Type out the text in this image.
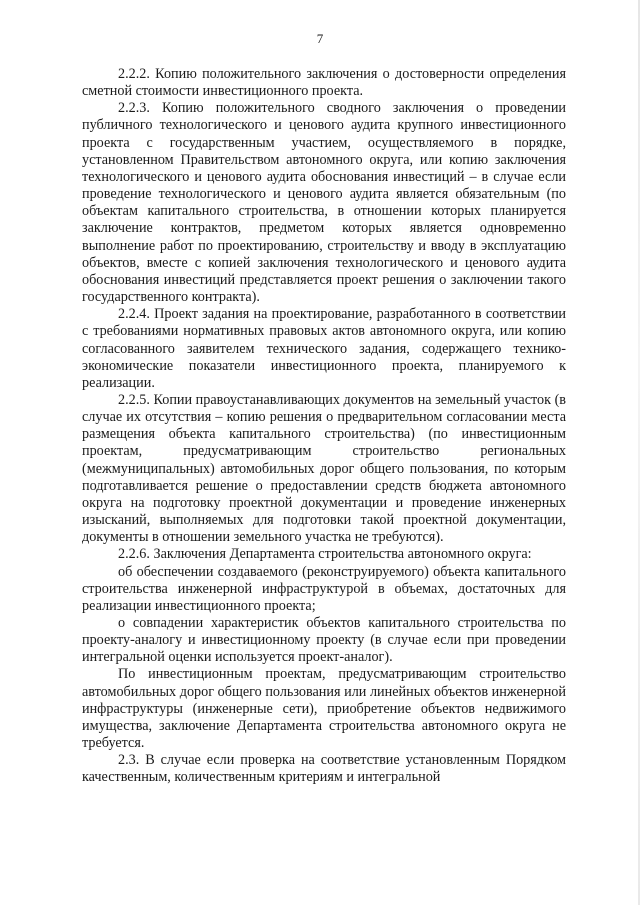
7

2.2.2. Копию положительного заключения о достоверности определения сметной стоимости инвестиционного проекта.

2.2.3. Копию положительного сводного заключения о проведении публичного технологического и ценового аудита крупного инвестиционного проекта с государственным участием, осуществляемого в порядке, установленном Правительством автономного округа, или копию заключения технологического и ценового аудита обоснования инвестиций – в случае если проведение технологического и ценового аудита является обязательным (по объектам капитального строительства, в отношении которых планируется заключение контрактов, предметом которых является одновременно выполнение работ по проектированию, строительству и вводу в эксплуатацию объектов, вместе с копией заключения технологического и ценового аудита обоснования инвестиций представляется проект решения о заключении такого государственного контракта).

2.2.4. Проект задания на проектирование, разработанного в соответствии с требованиями нормативных правовых актов автономного округа, или копию согласованного заявителем технического задания, содержащего технико-экономические показатели инвестиционного проекта, планируемого к реализации.

2.2.5. Копии правоустанавливающих документов на земельный участок (в случае их отсутствия – копию решения о предварительном согласовании места размещения объекта капитального строительства) (по инвестиционным проектам, предусматривающим строительство региональных (межмуниципальных) автомобильных дорог общего пользования, по которым подготавливается решение о предоставлении средств бюджета автономного округа на подготовку проектной документации и проведение инженерных изысканий, выполняемых для подготовки такой проектной документации, документы в отношении земельного участка не требуются).

2.2.6. Заключения Департамента строительства автономного округа:

об обеспечении создаваемого (реконструируемого) объекта капитального строительства инженерной инфраструктурой в объемах, достаточных для реализации инвестиционного проекта;

о совпадении характеристик объектов капитального строительства по проекту-аналогу и инвестиционному проекту (в случае если при проведении интегральной оценки используется проект-аналог).

По инвестиционным проектам, предусматривающим строительство автомобильных дорог общего пользования или линейных объектов инженерной инфраструктуры (инженерные сети), приобретение объектов недвижимого имущества, заключение Департамента строительства автономного округа не требуется.

2.3. В случае если проверка на соответствие установленным Порядком качественным, количественным критериям и интегральной
